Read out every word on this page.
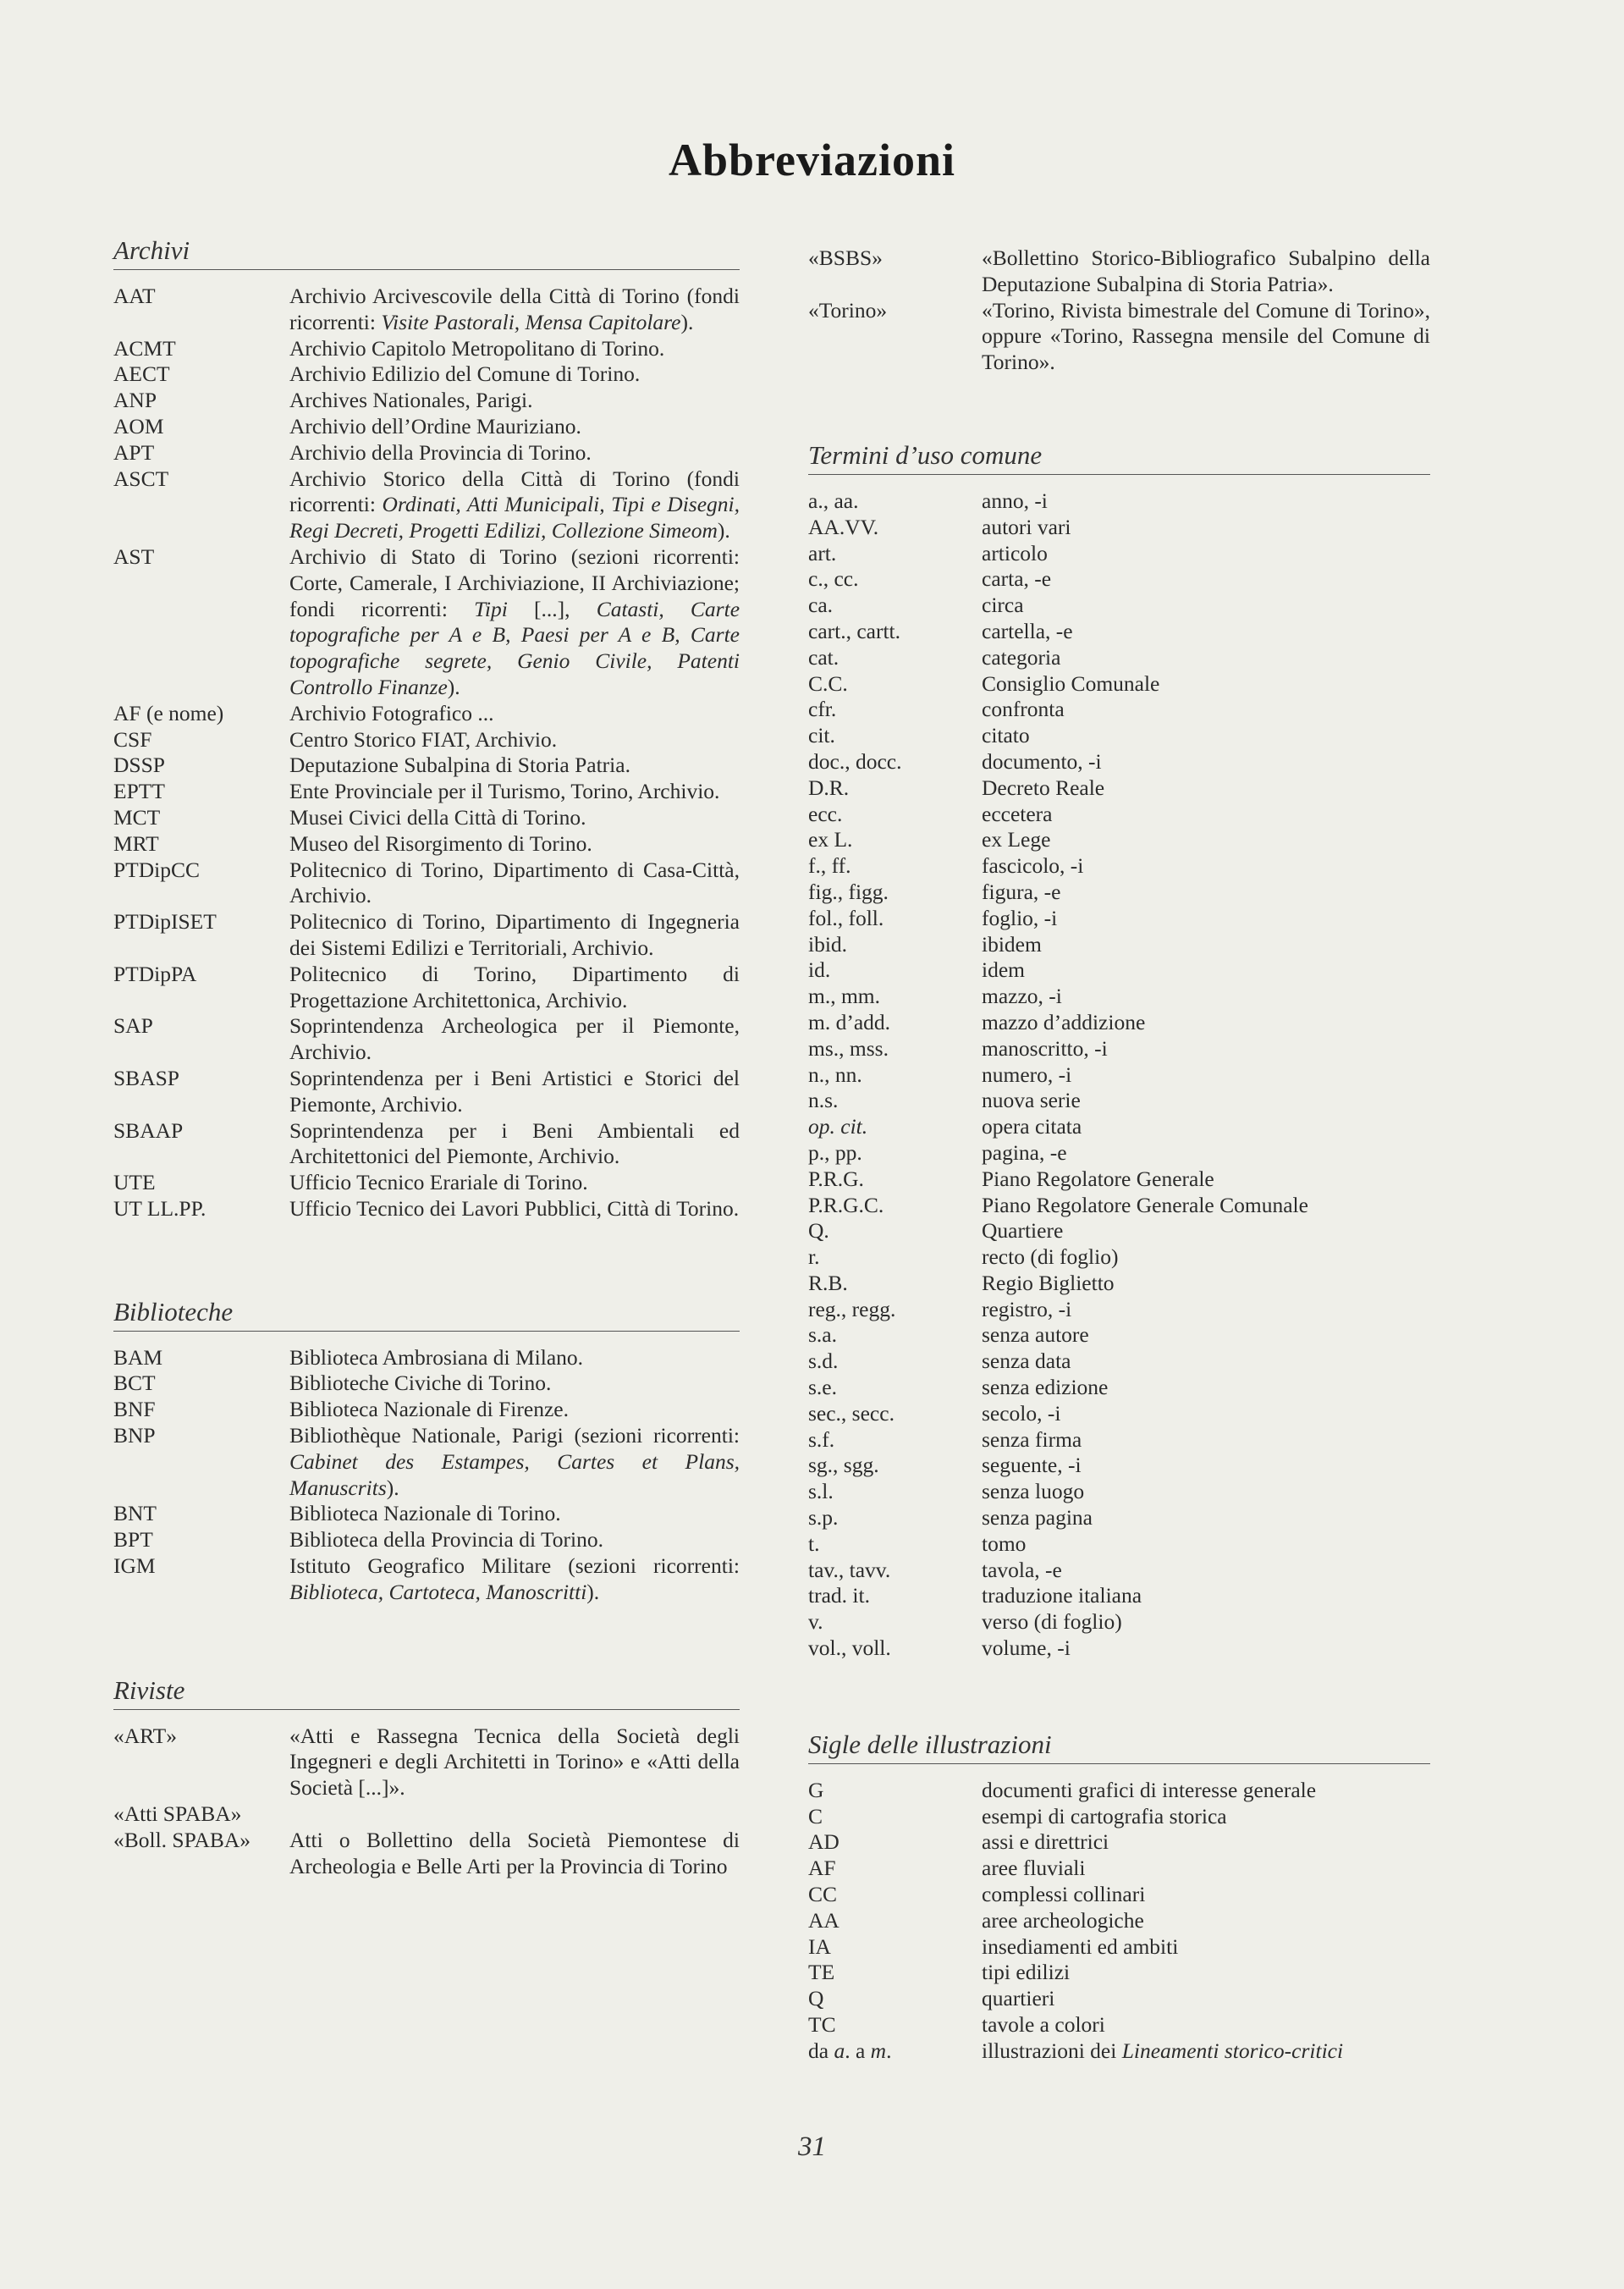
Abbreviazioni
Archivi
AAT	Archivio Arcivescovile della Città di Torino (fondi ricorrenti: Visite Pastorali, Mensa Capitolare).
ACMT	Archivio Capitolo Metropolitano di Torino.
AECT	Archivio Edilizio del Comune di Torino.
ANP	Archives Nationales, Parigi.
AOM	Archivio dell’Ordine Mauriziano.
APT	Archivio della Provincia di Torino.
ASCT	Archivio Storico della Città di Torino (fondi ricorrenti: Ordinati, Atti Municipali, Tipi e Disegni, Regi Decreti, Progetti Edilizi, Collezione Simeom).
AST	Archivio di Stato di Torino (sezioni ricorrenti: Corte, Camerale, I Archiviazione, II Archiviazione; fondi ricorrenti: Tipi [...], Catasti, Carte topografiche per A e B, Paesi per A e B, Carte topografiche segrete, Genio Civile, Patenti Controllo Finanze).
AF (e nome)	Archivio Fotografico ...
CSF	Centro Storico FIAT, Archivio.
DSSP	Deputazione Subalpina di Storia Patria.
EPTT	Ente Provinciale per il Turismo, Torino, Archivio.
MCT	Musei Civici della Città di Torino.
MRT	Museo del Risorgimento di Torino.
PTDipCC	Politecnico di Torino, Dipartimento di Casa-Città, Archivio.
PTDipISET	Politecnico di Torino, Dipartimento di Ingegneria dei Sistemi Edilizi e Territoriali, Archivio.
PTDipPA	Politecnico di Torino, Dipartimento di Progettazione Architettonica, Archivio.
SAP	Soprintendenza Archeologica per il Piemonte, Archivio.
SBASP	Soprintendenza per i Beni Artistici e Storici del Piemonte, Archivio.
SBAAP	Soprintendenza per i Beni Ambientali ed Architettonici del Piemonte, Archivio.
UTE	Ufficio Tecnico Erariale di Torino.
UT LL.PP.	Ufficio Tecnico dei Lavori Pubblici, Città di Torino.
Biblioteche
BAM	Biblioteca Ambrosiana di Milano.
BCT	Biblioteche Civiche di Torino.
BNF	Biblioteca Nazionale di Firenze.
BNP	Bibliothèque Nationale, Parigi (sezioni ricorrenti: Cabinet des Estampes, Cartes et Plans, Manuscrits).
BNT	Biblioteca Nazionale di Torino.
BPT	Biblioteca della Provincia di Torino.
IGM	Istituto Geografico Militare (sezioni ricorrenti: Biblioteca, Cartoteca, Manoscritti).
Riviste
«ART»	«Atti e Rassegna Tecnica della Società degli Ingegneri e degli Architetti in Torino» e «Atti della Società [...]».
«Atti SPABA»
«Boll. SPABA»	Atti o Bollettino della Società Piemontese di Archeologia e Belle Arti per la Provincia di Torino
«BSBS»	«Bollettino Storico-Bibliografico Subalpino della Deputazione Subalpina di Storia Patria».
«Torino»	«Torino, Rivista bimestrale del Comune di Torino», oppure «Torino, Rassegna mensile del Comune di Torino».
Termini d’uso comune
a., aa.	anno, -i
AA.VV.	autori vari
art.	articolo
c., cc.	carta, -e
ca.	circa
cart., cartt.	cartella, -e
cat.	categoria
C.C.	Consiglio Comunale
cfr.	confronta
cit.	citato
doc., docc.	documento, -i
D.R.	Decreto Reale
ecc.	eccetera
ex L.	ex Lege
f., ff.	fascicolo, -i
fig., figg.	figura, -e
fol., foll.	foglio, -i
ibid.	ibidem
id.	idem
m., mm.	mazzo, -i
m. d’add.	mazzo d’addizione
ms., mss.	manoscritto, -i
n., nn.	numero, -i
n.s.	nuova serie
op. cit.	opera citata
p., pp.	pagina, -e
P.R.G.	Piano Regolatore Generale
P.R.G.C.	Piano Regolatore Generale Comunale
Q.	Quartiere
r.	recto (di foglio)
R.B.	Regio Biglietto
reg., regg.	registro, -i
s.a.	senza autore
s.d.	senza data
s.e.	senza edizione
sec., secc.	secolo, -i
s.f.	senza firma
sg., sgg.	seguente, -i
s.l.	senza luogo
s.p.	senza pagina
t.	tomo
tav., tavv.	tavola, -e
trad. it.	traduzione italiana
v.	verso (di foglio)
vol., voll.	volume, -i
Sigle delle illustrazioni
G	documenti grafici di interesse generale
C	esempi di cartografia storica
AD	assi e direttrici
AF	aree fluviali
CC	complessi collinari
AA	aree archeologiche
IA	insediamenti ed ambiti
TE	tipi edilizi
Q	quartieri
TC	tavole a colori
da a. a m.	illustrazioni dei Lineamenti storico-critici
31
